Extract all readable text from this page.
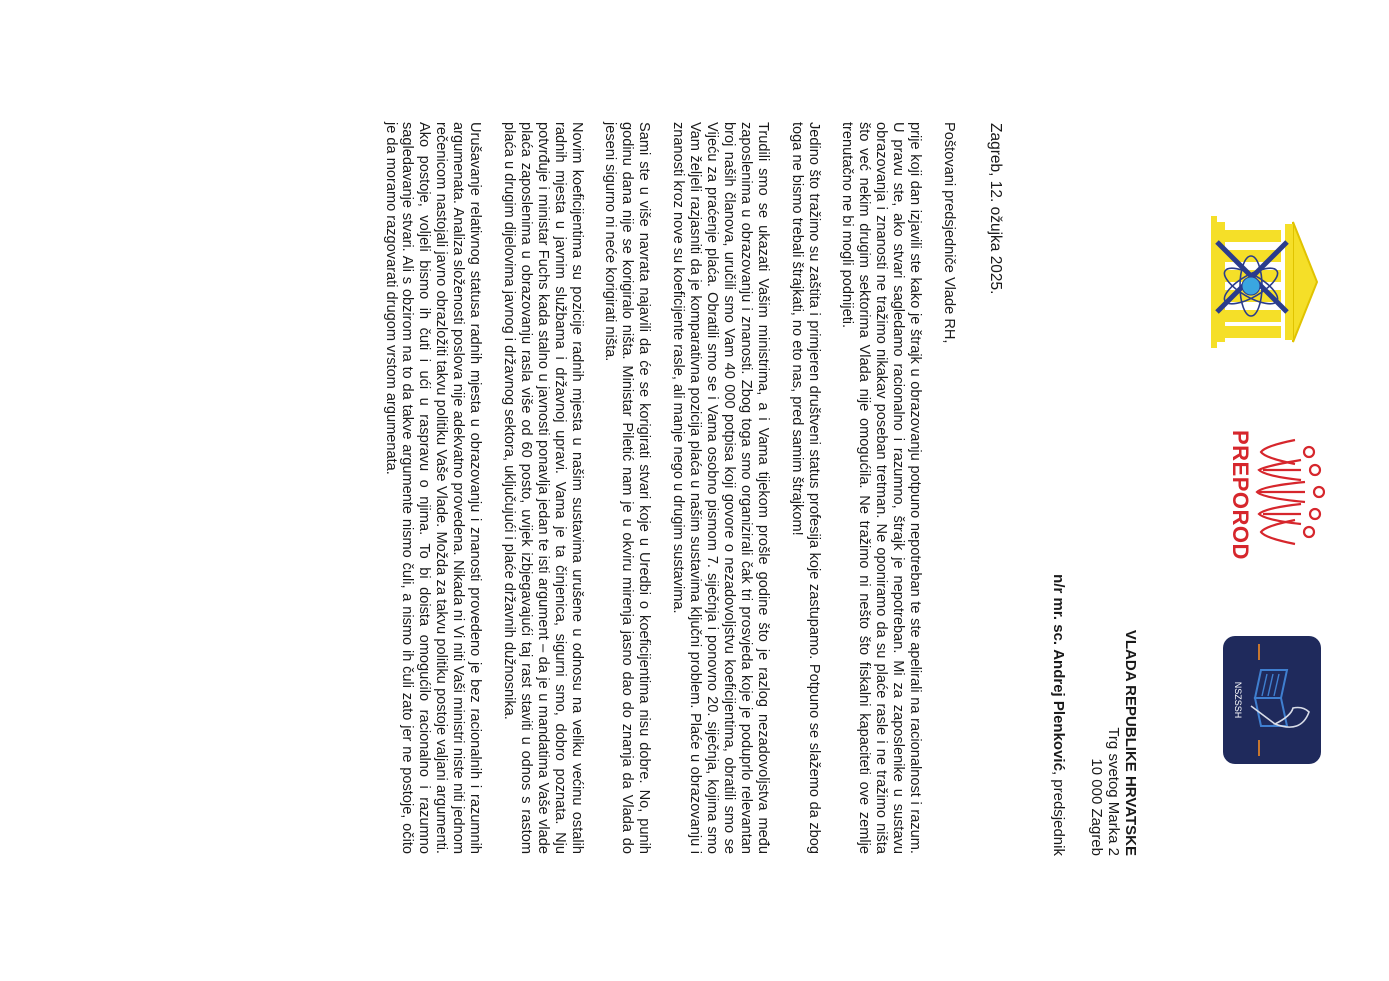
PREPOROD
NSZSSH
VLADA REPUBLIKE HRVATSKE
Trg svetog Marka 2
10 000 Zagreb
n/r mr. sc. Andrej Plenković, predsjednik
Zagreb, 12. ožujka 2025.
Poštovani predsjedniče Vlade RH,

prije koji dan izjavili ste kako je štrajk u obrazovanju potpuno nepotreban te ste apelirali na racionalnost i razum. U pravu ste, ako stvari sagledamo racionalno i razumno, štrajk je nepotreban. Mi za zaposlenike u sustavu obrazovanja i znanosti ne tražimo nikakav poseban tretman. Ne oponiramo da su plaće rasle i ne tražimo ništa što već nekim drugim sektorima Vlada nije omogućila. Ne tražimo ni nešto što fiskalni kapaciteti ove zemlje trenutačno ne bi mogli podnijeti.

Jedino što tražimo su zaštita i primjeren društveni status profesija koje zastupamo. Potpuno se slažemo da zbog toga ne bismo trebali štrajkati, no eto nas, pred samim štrajkom!

Trudili smo se ukazati Vašim ministrima, a i Vama tijekom prošle godine što je razlog nezadovoljstva među zaposlenima u obrazovanju i znanosti. Zbog toga smo organizirali čak tri prosvjeda koje je poduprlo relevantan broj naših članova, uručili smo Vam 40 000 potpisa koji govore o nezadovoljstvu koeficijentima, obratili smo se Vijeću za praćenje plaća. Obratili smo se i Vama osobno pismom 7. siječnja i ponovno 20. siječnja, kojima smo Vam željeli razjasniti da je komparativna pozicija plaća u našim sustavima ključni problem. Plaće u obrazovanju i znanosti kroz nove su koeficijente rasle, ali manje nego u drugim sustavima.

Sami ste u više navrata najavili da će se korigirati stvari koje u Uredbi o koeficijentima nisu dobre. No, punih godinu dana nije se korigiralo ništa. Ministar Piletić nam je u okviru mirenja jasno dao do znanja da Vlada do jeseni sigurno ni neće korigirati ništa.

Novim koeficijentima su pozicije radnih mjesta u našim sustavima urušene u odnosu na veliku većinu ostalih radnih mjesta u javnim službama i državnoj upravi. Vama je ta činjenica, sigurni smo, dobro poznata. Nju potvrđuje i ministar Fuchs kada stalno u javnosti ponavlja jedan te isti argument – da je u mandatima Vaše vlade plaća zaposlenima u obrazovanju rasla više od 60 posto, uvijek izbjegavajući taj rast staviti u odnos s rastom plaća u drugim dijelovima javnog i državnog sektora, uključujući i plaće državnih dužnosnika.

Urušavanje relativnog statusa radnih mjesta u obrazovanju i znanosti provedeno je bez racionalnih i razumnih argumenata. Analiza složenosti poslova nije adekvatno provedena. Nikada ni Vi niti Vaši ministri niste niti jednom rečenicom nastojali javno obrazložiti takvu politiku Vaše Vlade. Možda za takvu politiku postoje valjani argumenti. Ako postoje, voljeli bismo ih čuti i ući u raspravu o njima. To bi doista omogućilo racionalno i razumno sagledavanje stvari. Ali s obzirom na to da takve argumente nismo čuli, a nismo ih čuli zato jer ne postoje, očito je da moramo razgovarati drugom vrstom argumenata.
